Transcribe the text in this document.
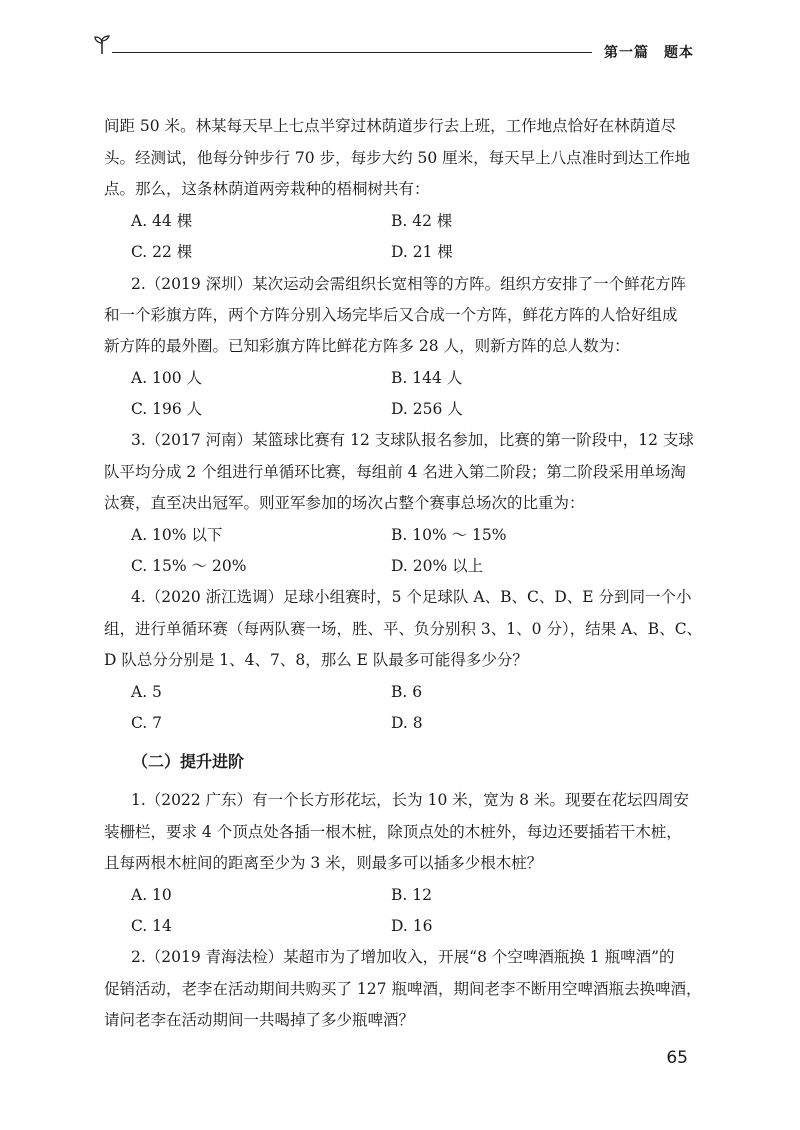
第一篇　题本
间距 50 米。林某每天早上七点半穿过林荫道步行去上班，工作地点恰好在林荫道尽
头。经测试，他每分钟步行 70 步，每步大约 50 厘米，每天早上八点准时到达工作地
点。那么，这条林荫道两旁栽种的梧桐树共有：
A. 44 棵	B. 42 棵
C. 22 棵	D. 21 棵
2.（2019 深圳）某次运动会需组织长宽相等的方阵。组织方安排了一个鲜花方阵
和一个彩旗方阵，两个方阵分别入场完毕后又合成一个方阵，鲜花方阵的人恰好组成
新方阵的最外圈。已知彩旗方阵比鲜花方阵多 28 人，则新方阵的总人数为：
A. 100 人	B. 144 人
C. 196 人	D. 256 人
3.（2017 河南）某篮球比赛有 12 支球队报名参加，比赛的第一阶段中，12 支球
队平均分成 2 个组进行单循环比赛，每组前 4 名进入第二阶段；第二阶段采用单场淘
汰赛，直至决出冠军。则亚军参加的场次占整个赛事总场次的比重为：
A. 10% 以下	B. 10% ～ 15%
C. 15% ～ 20%	D. 20% 以上
4.（2020 浙江选调）足球小组赛时，5 个足球队 A、B、C、D、E 分到同一个小
组，进行单循环赛（每两队赛一场，胜、平、负分别积 3、1、0 分），结果 A、B、C、
D 队总分分别是 1、4、7、8，那么 E 队最多可能得多少分？
A. 5	B. 6
C. 7	D. 8
（二）提升进阶
1.（2022 广东）有一个长方形花坛，长为 10 米，宽为 8 米。现要在花坛四周安
装栅栏，要求 4 个顶点处各插一根木桩，除顶点处的木桩外，每边还要插若干木桩，
且每两根木桩间的距离至少为 3 米，则最多可以插多少根木桩？
A. 10	B. 12
C. 14	D. 16
2.（2019 青海法检）某超市为了增加收入，开展“8 个空啤酒瓶换 1 瓶啤酒”的
促销活动，老李在活动期间共购买了 127 瓶啤酒，期间老李不断用空啤酒瓶去换啤酒，
请问老李在活动期间一共喝掉了多少瓶啤酒？
65
